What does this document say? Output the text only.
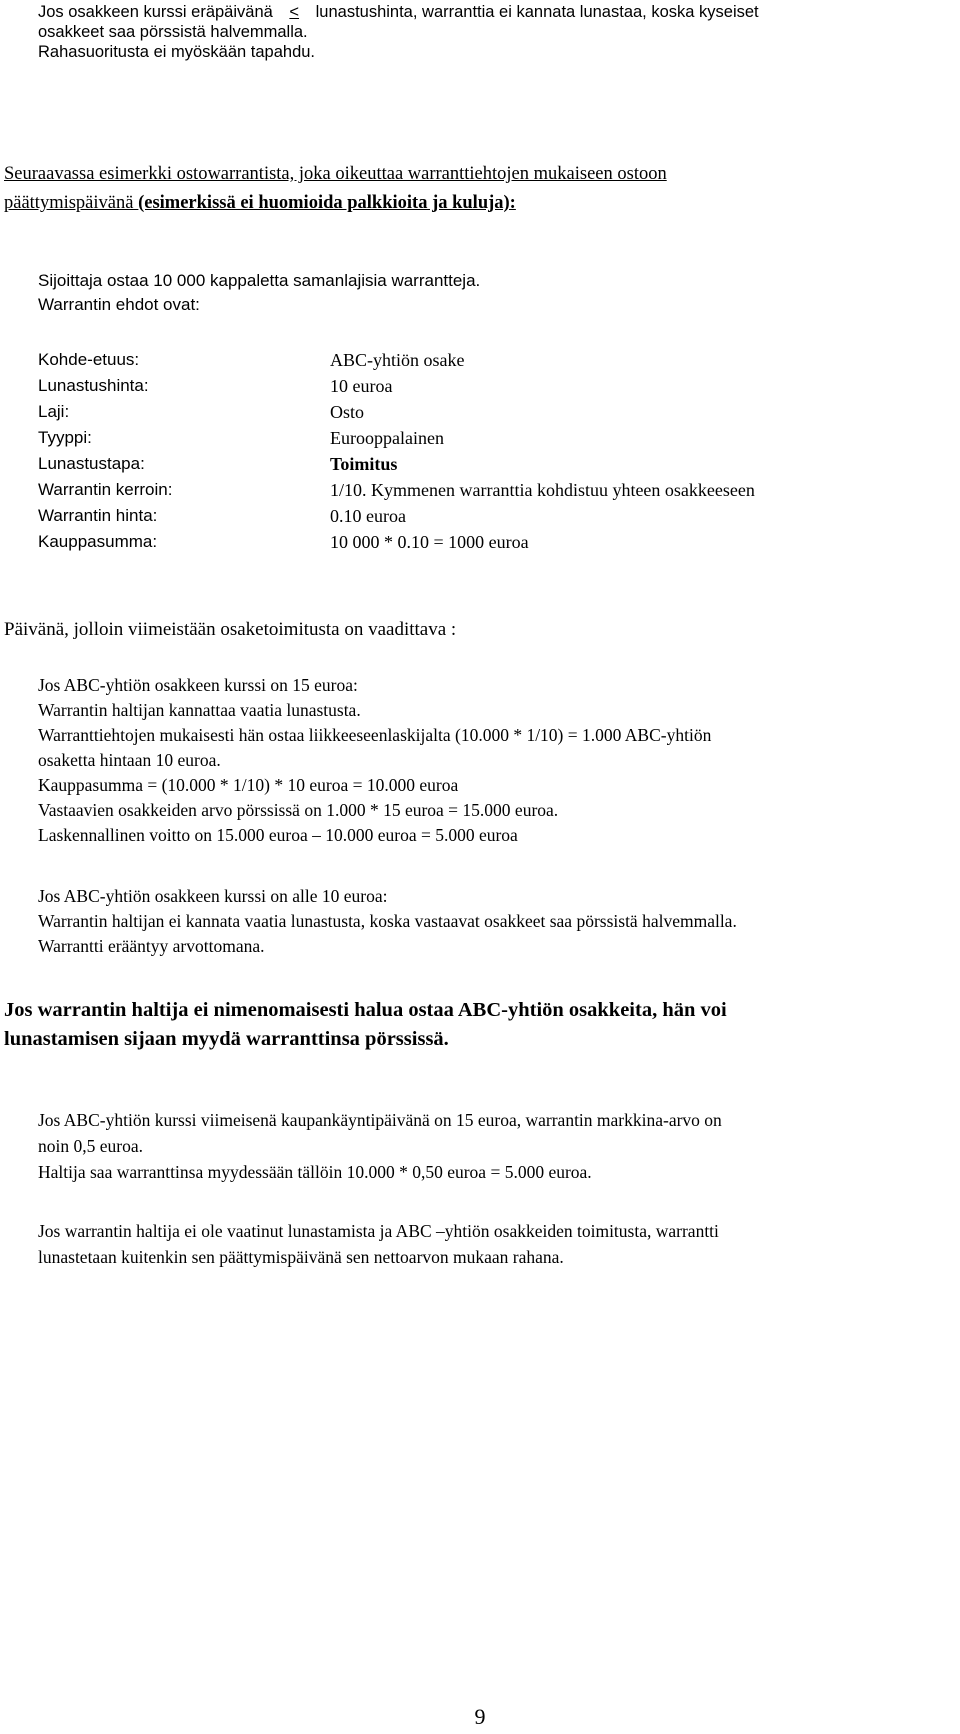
Jos osakkeen kurssi eräpäivänä < lunastushinta, warranttia ei kannata lunastaa, koska kyseiset
osakkeet saa pörssistä halvemmalla.
Rahasuoritusta ei myöskään tapahdu.
Seuraavassa esimerkki ostowarrantista, joka oikeuttaa warranttiehtojen mukaiseen ostoon
päättymispäivänä (esimerkissä ei huomioida palkkioita ja kuluja):
Sijoittaja ostaa 10 000 kappaletta samanlajisia warrantteja.
Warrantin ehdot ovat:
Kohde-etuus:	ABC-yhtiön osake
Lunastushinta:	10 euroa
Laji:	Osto
Tyyppi:	Eurooppalainen
Lunastustapa:	Toimitus
Warrantin kerroin:	1/10. Kymmenen warranttia kohdistuu yhteen osakkeeseen
Warrantin hinta:	0.10 euroa
Kauppasumma:	10 000 * 0.10 = 1000 euroa
Päivänä, jolloin viimeistään osaketoimitusta on vaadittava :
Jos ABC-yhtiön osakkeen kurssi on 15 euroa:
Warrantin haltijan kannattaa vaatia lunastusta.
Warranttiehtojen mukaisesti hän ostaa liikkeeseenlaskijalta (10.000 * 1/10) = 1.000 ABC-yhtiön
osaketta hintaan 10 euroa.
Kauppasumma = (10.000 * 1/10) * 10 euroa = 10.000 euroa
Vastaavien osakkeiden arvo pörssissä on 1.000 * 15 euroa = 15.000 euroa.
Laskennallinen voitto on 15.000 euroa – 10.000 euroa = 5.000 euroa
Jos ABC-yhtiön osakkeen kurssi on alle 10 euroa:
Warrantin haltijan ei kannata vaatia lunastusta, koska vastaavat osakkeet saa pörssistä halvemmalla.
Warrantti erääntyy arvottomana.
Jos warrantin haltija ei nimenomaisesti halua ostaa ABC-yhtiön osakkeita, hän voi
lunastamisen sijaan myydä warranttinsa pörssissä.
Jos ABC-yhtiön kurssi viimeisenä kaupankäyntipäivänä on 15 euroa, warrantin markkina-arvo on
noin 0,5 euroa.
Haltija saa warranttinsa myydessään tällöin 10.000 * 0,50 euroa = 5.000 euroa.
Jos warrantin haltija ei ole vaatinut lunastamista ja ABC –yhtiön osakkeiden toimitusta, warrantti
lunastetaan kuitenkin sen päättymispäivänä sen nettoarvon mukaan rahana.
9
